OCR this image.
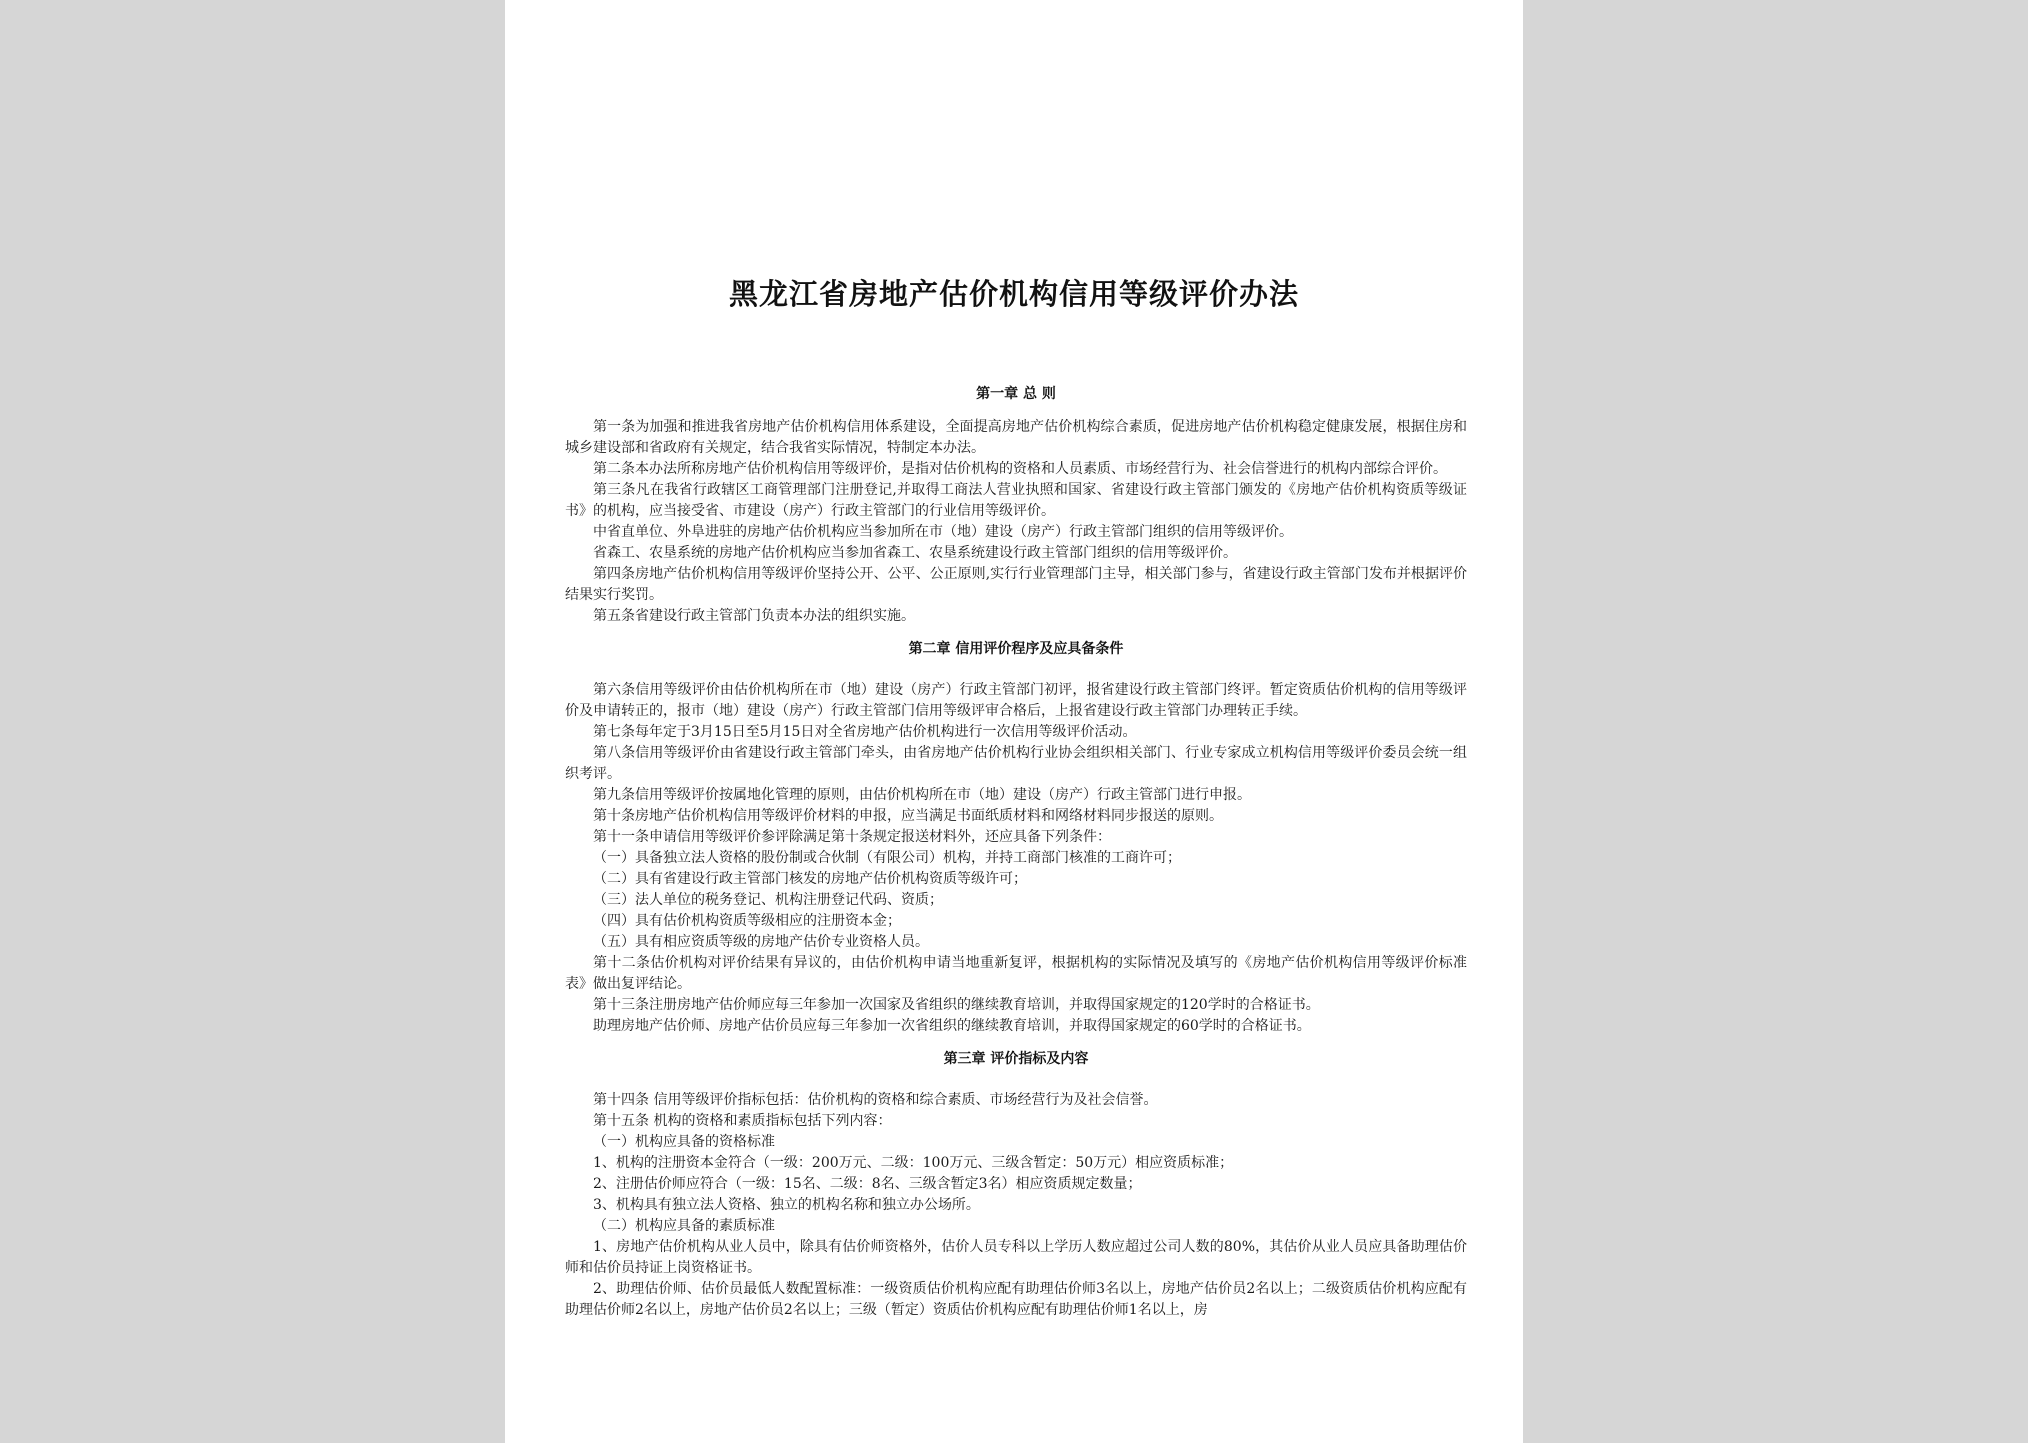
黑龙江省房地产估价机构信用等级评价办法
第一章 总 则

第一条为加强和推进我省房地产估价机构信用体系建设，全面提高房地产估价机构综合素质，促进房地产估价机构稳定健康发展，根据住房和城乡建设部和省政府有关规定，结合我省实际情况，特制定本办法。

第二条本办法所称房地产估价机构信用等级评价，是指对估价机构的资格和人员素质、市场经营行为、社会信誉进行的机构内部综合评价。

第三条凡在我省行政辖区工商管理部门注册登记,并取得工商法人营业执照和国家、省建设行政主管部门颁发的《房地产估价机构资质等级证书》的机构，应当接受省、市建设（房产）行政主管部门的行业信用等级评价。

中省直单位、外阜进驻的房地产估价机构应当参加所在市（地）建设（房产）行政主管部门组织的信用等级评价。

省森工、农垦系统的房地产估价机构应当参加省森工、农垦系统建设行政主管部门组织的信用等级评价。

第四条房地产估价机构信用等级评价坚持公开、公平、公正原则,实行行业管理部门主导，相关部门参与，省建设行政主管部门发布并根据评价结果实行奖罚。

第五条省建设行政主管部门负责本办法的组织实施。

第二章 信用评价程序及应具备条件

第六条信用等级评价由估价机构所在市（地）建设（房产）行政主管部门初评，报省建设行政主管部门终评。暂定资质估价机构的信用等级评价及申请转正的，报市（地）建设（房产）行政主管部门信用等级评审合格后，上报省建设行政主管部门办理转正手续。

第七条每年定于3月15日至5月15日对全省房地产估价机构进行一次信用等级评价活动。

第八条信用等级评价由省建设行政主管部门牵头，由省房地产估价机构行业协会组织相关部门、行业专家成立机构信用等级评价委员会统一组织考评。

第九条信用等级评价按属地化管理的原则，由估价机构所在市（地）建设（房产）行政主管部门进行申报。

第十条房地产估价机构信用等级评价材料的申报，应当满足书面纸质材料和网络材料同步报送的原则。

第十一条申请信用等级评价参评除满足第十条规定报送材料外，还应具备下列条件：

（一）具备独立法人资格的股份制或合伙制（有限公司）机构，并持工商部门核准的工商许可；

（二）具有省建设行政主管部门核发的房地产估价机构资质等级许可；

（三）法人单位的税务登记、机构注册登记代码、资质；

（四）具有估价机构资质等级相应的注册资本金；

（五）具有相应资质等级的房地产估价专业资格人员。

第十二条估价机构对评价结果有异议的，由估价机构申请当地重新复评，根据机构的实际情况及填写的《房地产估价机构信用等级评价标准表》做出复评结论。

第十三条注册房地产估价师应每三年参加一次国家及省组织的继续教育培训，并取得国家规定的120学时的合格证书。

助理房地产估价师、房地产估价员应每三年参加一次省组织的继续教育培训，并取得国家规定的60学时的合格证书。

第三章 评价指标及内容

第十四条 信用等级评价指标包括：估价机构的资格和综合素质、市场经营行为及社会信誉。

第十五条 机构的资格和素质指标包括下列内容：

（一）机构应具备的资格标准

1、机构的注册资本金符合（一级：200万元、二级：100万元、三级含暂定：50万元）相应资质标准；

2、注册估价师应符合（一级：15名、二级：8名、三级含暂定3名）相应资质规定数量；

3、机构具有独立法人资格、独立的机构名称和独立办公场所。

（二）机构应具备的素质标准

1、房地产估价机构从业人员中，除具有估价师资格外，估价人员专科以上学历人数应超过公司人数的80%，其估价从业人员应具备助理估价师和估价员持证上岗资格证书。

2、助理估价师、估价员最低人数配置标准：一级资质估价机构应配有助理估价师3名以上，房地产估价员2名以上；二级资质估价机构应配有助理估价师2名以上，房地产估价员2名以上；三级（暂定）资质估价机构应配有助理估价师1名以上，房
